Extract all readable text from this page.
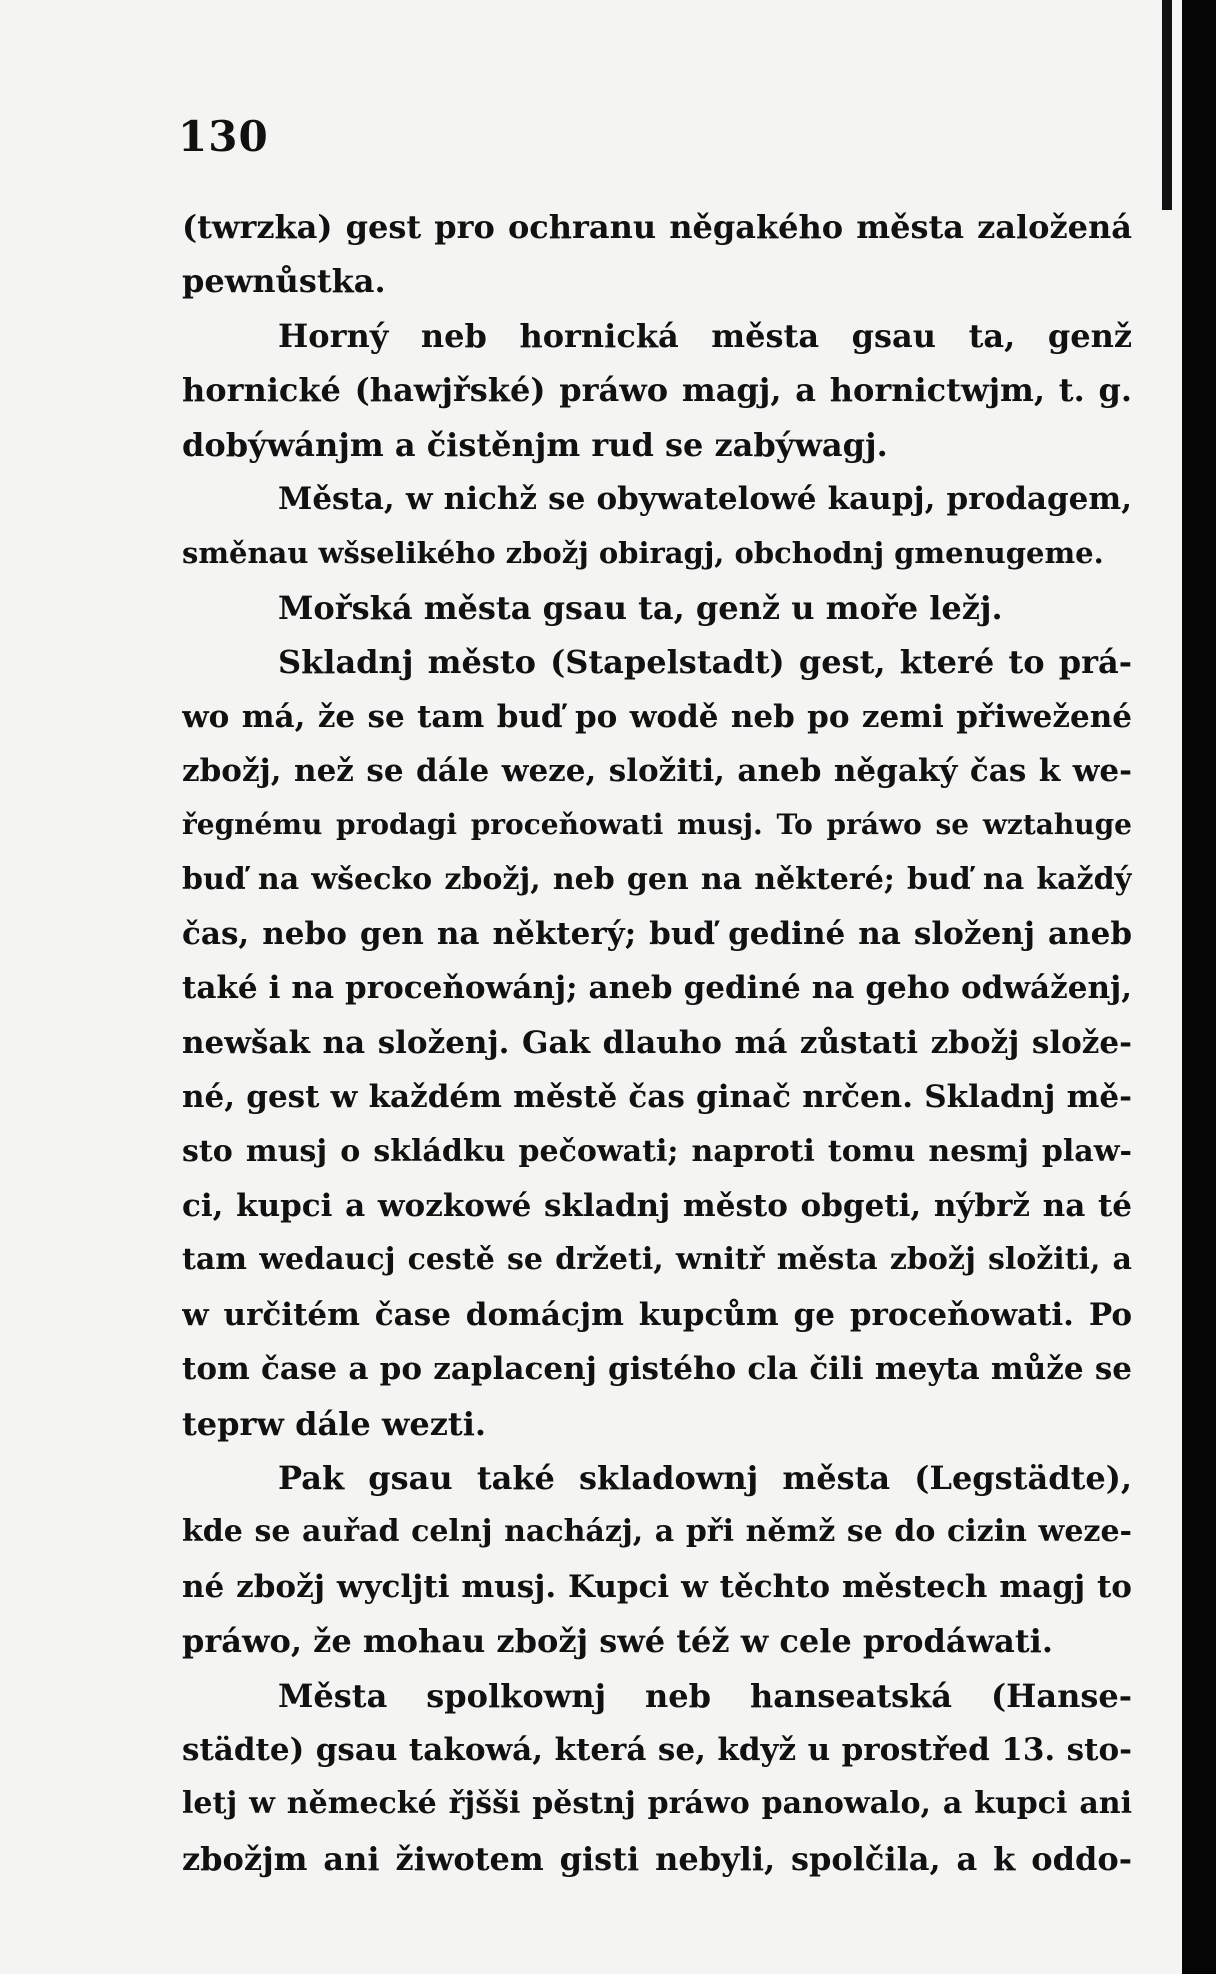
130
(twrzka) gest pro ochranu něgakého města založená
pewnůstka.
Horný neb hornická města gsau ta, genž
hornické (hawjřské) práwo magj, a hornictwjm, t. g.
dobýwánjm a čistěnjm rud se zabýwagj.
Města, w nichž se obywatelowé kaupj, prodagem,
směnau wšselikého zbožj obiragj, obchodnj gmenugeme.
Mořská města gsau ta, genž u moře ležj.
Skladnj město (Stapelstadt) gest, které to prá-
wo má, že se tam buď po wodě neb po zemi přiwežené
zbožj, než se dále weze, složiti, aneb něgaký čas k we-
řegnému prodagi proceňowati musj. To práwo se wztahuge
buď na wšecko zbožj, neb gen na některé; buď na každý
čas, nebo gen na některý; buď gediné na složenj aneb
také i na proceňowánj; aneb gediné na geho odwáženj,
newšak na složenj. Gak dlauho má zůstati zbožj slože-
né, gest w každém městě čas ginač nrčen. Skladnj mě-
sto musj o skládku pečowati; naproti tomu nesmj plaw-
ci, kupci a wozkowé skladnj město obgeti, nýbrž na té
tam wedaucj cestě se držeti, wnitř města zbožj složiti, a
w určitém čase domácjm kupcům ge proceňowati. Po
tom čase a po zaplacenj gistého cla čili meyta může se
teprw dále wezti.
Pak gsau také skladownj města (Legstädte),
kde se auřad celnj nacházj, a při němž se do cizin weze-
né zbožj wycljti musj. Kupci w těchto městech magj to
práwo, že mohau zbožj swé též w cele prodáwati.
Města spolkownj neb hanseatská (Hanse-
städte) gsau takowá, která se, když u prostřed 13. sto-
letj w německé řjšši pěstnj práwo panowalo, a kupci ani
zbožjm ani žiwotem gisti nebyli, spolčila, a k oddo-
